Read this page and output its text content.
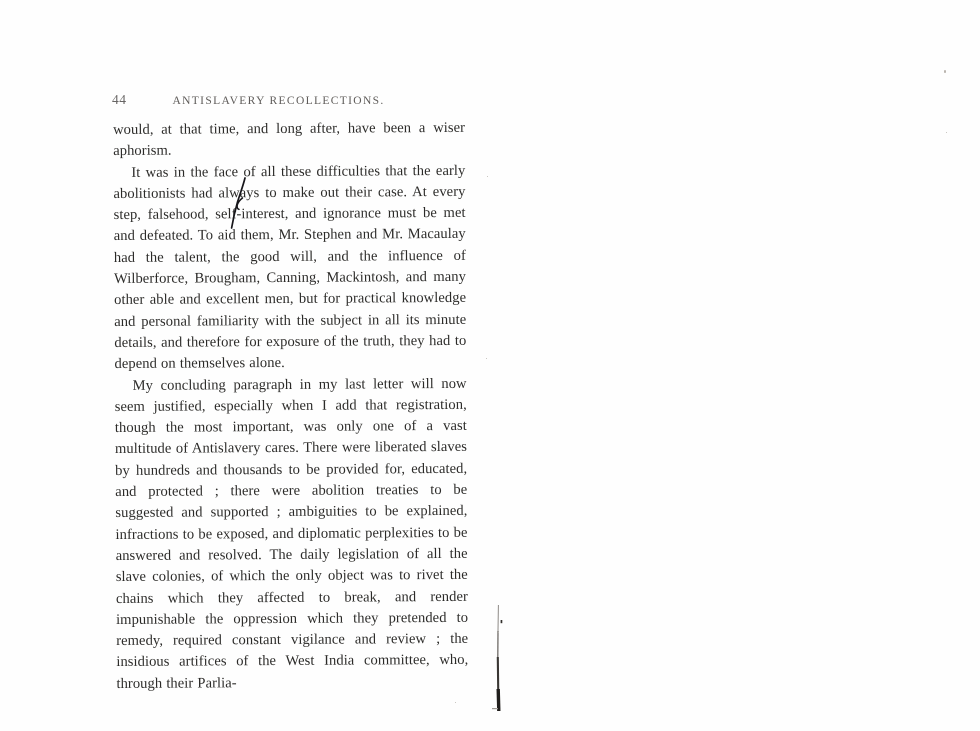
44	ANTISLAVERY RECOLLECTIONS.

would, at that time, and long after, have been a wiser aphorism.

It was in the face of all these difficulties that the early abolitionists had always to make out their case. At every step, falsehood, self-interest, and ignorance must be met and defeated. To aid them, Mr. Stephen and Mr. Macaulay had the talent, the good will, and the influence of Wilberforce, Brougham, Canning, Mackintosh, and many other able and excellent men, but for practical knowledge and personal familiarity with the subject in all its minute details, and therefore for exposure of the truth, they had to depend on themselves alone.

My concluding paragraph in my last letter will now seem justified, especially when I add that registration, though the most important, was only one of a vast multitude of Antislavery cares. There were liberated slaves by hundreds and thousands to be provided for, educated, and protected ; there were abolition treaties to be suggested and supported ; ambiguities to be explained, infractions to be exposed, and diplomatic perplexities to be answered and resolved. The daily legislation of all the slave colonies, of which the only object was to rivet the chains which they affected to break, and render impunishable the oppression which they pretended to remedy, required constant vigilance and review ; the insidious artifices of the West India committee, who, through their Parlia-
